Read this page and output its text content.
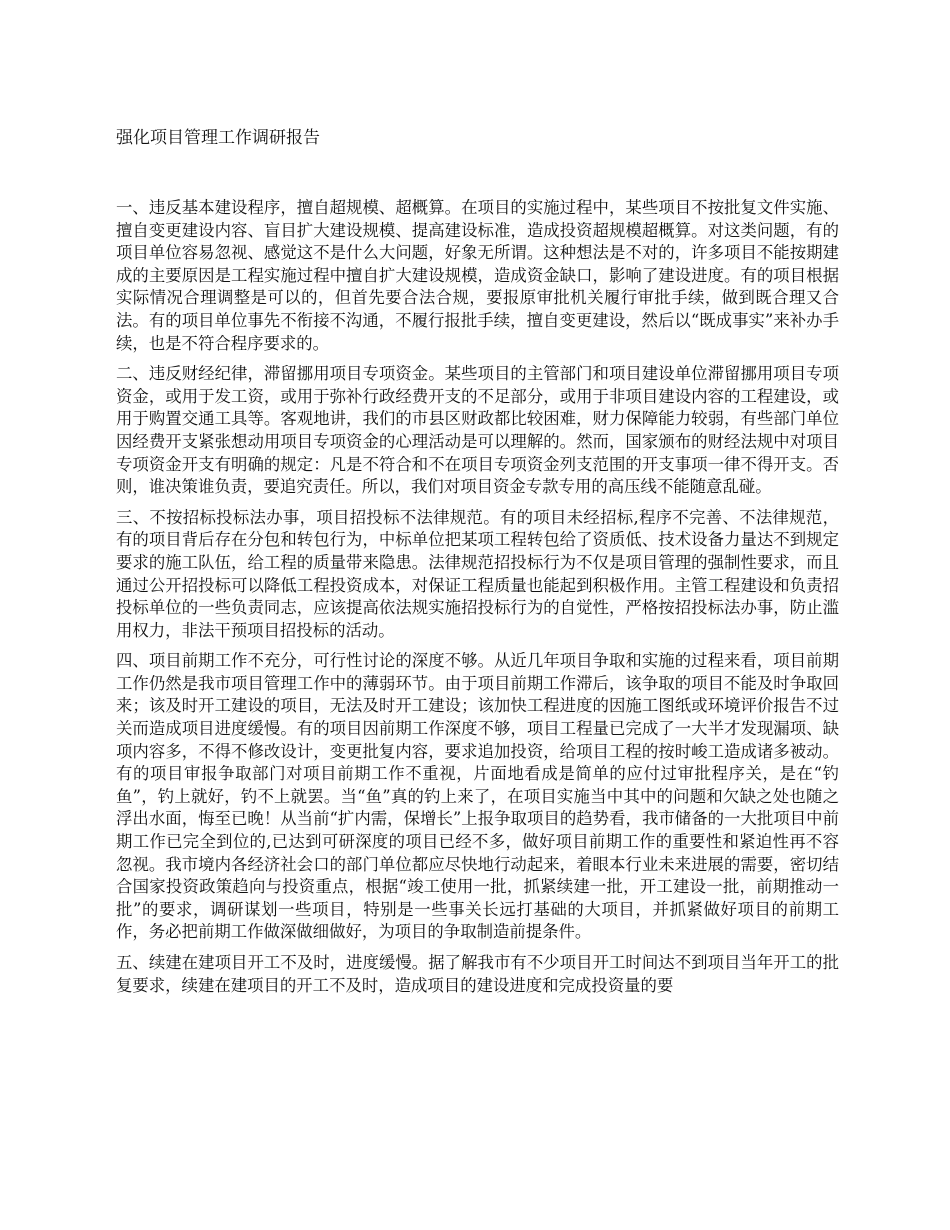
强化项目管理工作调研报告

一、违反基本建设程序，擅自超规模、超概算。在项目的实施过程中，某些项目不按批复文件实施、擅自变更建设内容、盲目扩大建设规模、提高建设标准，造成投资超规模超概算。对这类问题，有的项目单位容易忽视、感觉这不是什么大问题，好象无所谓。这种想法是不对的，许多项目不能按期建成的主要原因是工程实施过程中擅自扩大建设规模，造成资金缺口，影响了建设进度。有的项目根据实际情况合理调整是可以的，但首先要合法合规，要报原审批机关履行审批手续，做到既合理又合法。有的项目单位事先不衔接不沟通，不履行报批手续，擅自变更建设，然后以“既成事实”来补办手续，也是不符合程序要求的。

二、违反财经纪律，滞留挪用项目专项资金。某些项目的主管部门和项目建设单位滞留挪用项目专项资金，或用于发工资，或用于弥补行政经费开支的不足部分，或用于非项目建设内容的工程建设，或用于购置交通工具等。客观地讲，我们的市县区财政都比较困难，财力保障能力较弱，有些部门单位因经费开支紧张想动用项目专项资金的心理活动是可以理解的。然而，国家颁布的财经法规中对项目专项资金开支有明确的规定：凡是不符合和不在项目专项资金列支范围的开支事项一律不得开支。否则，谁决策谁负责，要追究责任。所以，我们对项目资金专款专用的高压线不能随意乱碰。

三、不按招标投标法办事，项目招投标不法律规范。有的项目未经招标,程序不完善、不法律规范，有的项目背后存在分包和转包行为，中标单位把某项工程转包给了资质低、技术设备力量达不到规定要求的施工队伍，给工程的质量带来隐患。法律规范招投标行为不仅是项目管理的强制性要求，而且通过公开招投标可以降低工程投资成本，对保证工程质量也能起到积极作用。主管工程建设和负责招投标单位的一些负责同志，应该提高依法规实施招投标行为的自觉性，严格按招投标法办事，防止滥用权力，非法干预项目招投标的活动。

四、项目前期工作不充分，可行性讨论的深度不够。从近几年项目争取和实施的过程来看，项目前期工作仍然是我市项目管理工作中的薄弱环节。由于项目前期工作滞后，该争取的项目不能及时争取回来；该及时开工建设的项目，无法及时开工建设；该加快工程进度的因施工图纸或环境评价报告不过关而造成项目进度缓慢。有的项目因前期工作深度不够，项目工程量已完成了一大半才发现漏项、缺项内容多，不得不修改设计，变更批复内容，要求追加投资，给项目工程的按时峻工造成诸多被动。有的项目审报争取部门对项目前期工作不重视，片面地看成是简单的应付过审批程序关，是在“钓鱼”，钓上就好，钓不上就罢。当“鱼”真的钓上来了，在项目实施当中其中的问题和欠缺之处也随之浮出水面，悔至已晚！从当前“扩内需，保增长”上报争取项目的趋势看，我市储备的一大批项目中前期工作已完全到位的,已达到可研深度的项目已经不多，做好项目前期工作的重要性和紧迫性再不容忽视。我市境内各经济社会口的部门单位都应尽快地行动起来，着眼本行业未来进展的需要，密切结合国家投资政策趋向与投资重点，根据“竣工使用一批，抓紧续建一批，开工建设一批，前期推动一批”的要求，调研谋划一些项目，特别是一些事关长远打基础的大项目，并抓紧做好项目的前期工作，务必把前期工作做深做细做好，为项目的争取制造前提条件。

五、续建在建项目开工不及时，进度缓慢。据了解我市有不少项目开工时间达不到项目当年开工的批复要求，续建在建项目的开工不及时，造成项目的建设进度和完成投资量的要
